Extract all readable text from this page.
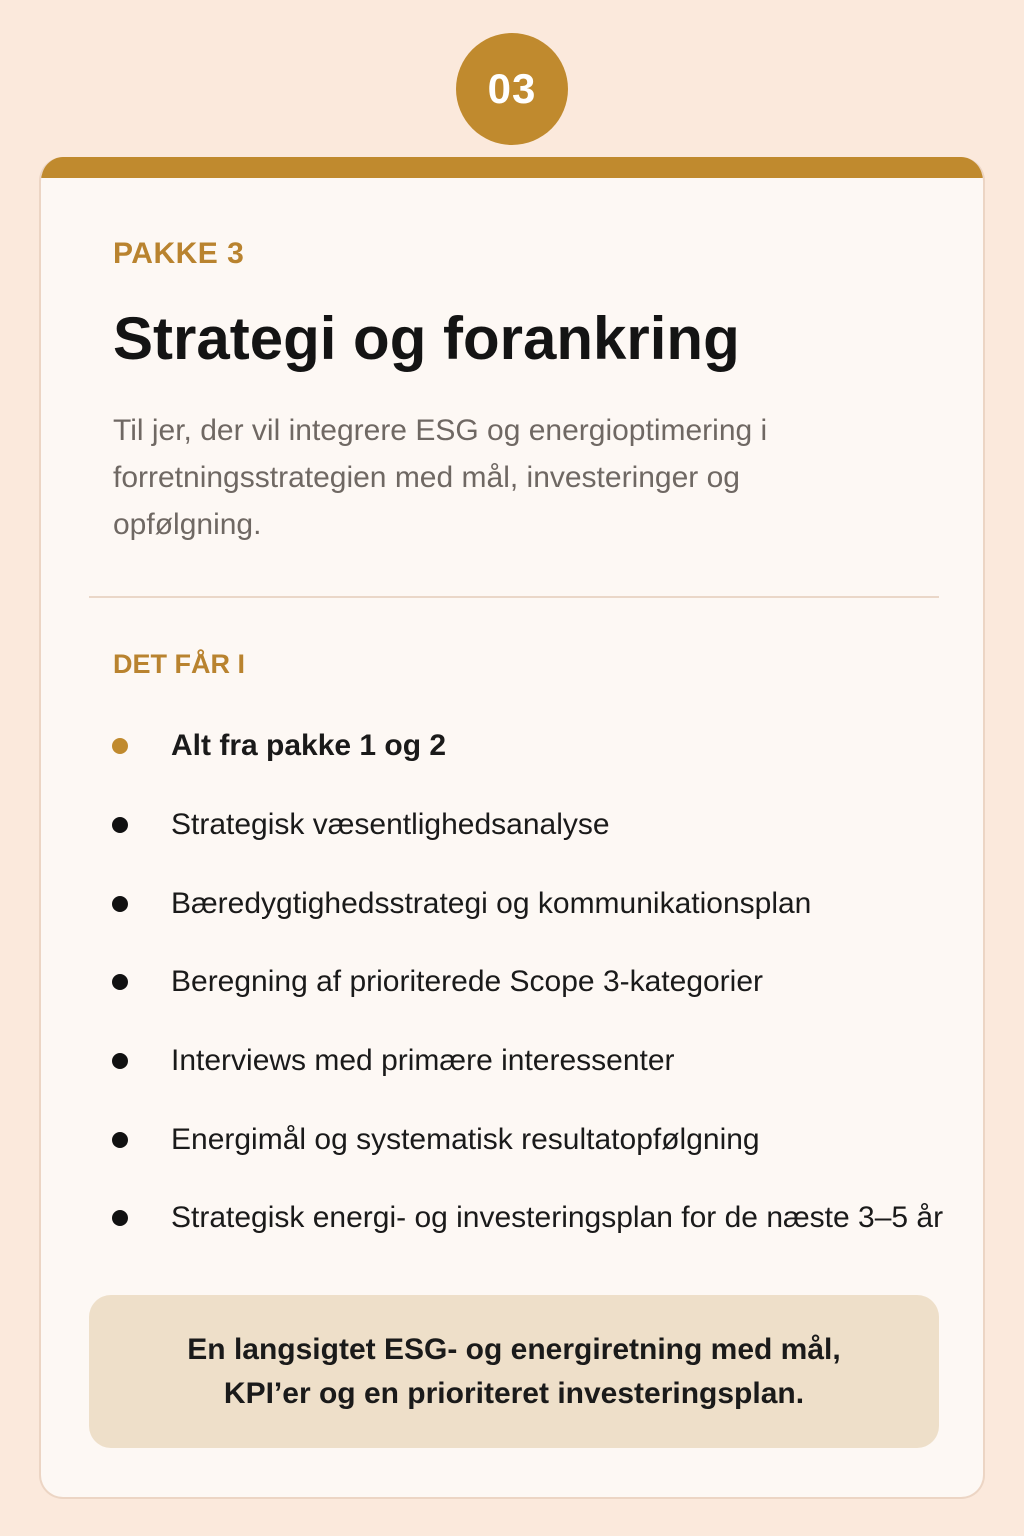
03
PAKKE 3
Strategi og forankring
Til jer, der vil integrere ESG og energioptimering i forretningsstrategien med mål, investeringer og opfølgning.
DET FÅR I
Alt fra pakke 1 og 2
Strategisk væsentlighedsanalyse
Bæredygtighedsstrategi og kommunikationsplan
Beregning af prioriterede Scope 3-kategorier
Interviews med primære interessenter
Energimål og systematisk resultatopfølgning
Strategisk energi- og investeringsplan for de næste 3–5 år
En langsigtet ESG- og energiretning med mål, KPI’er og en prioriteret investeringsplan.
